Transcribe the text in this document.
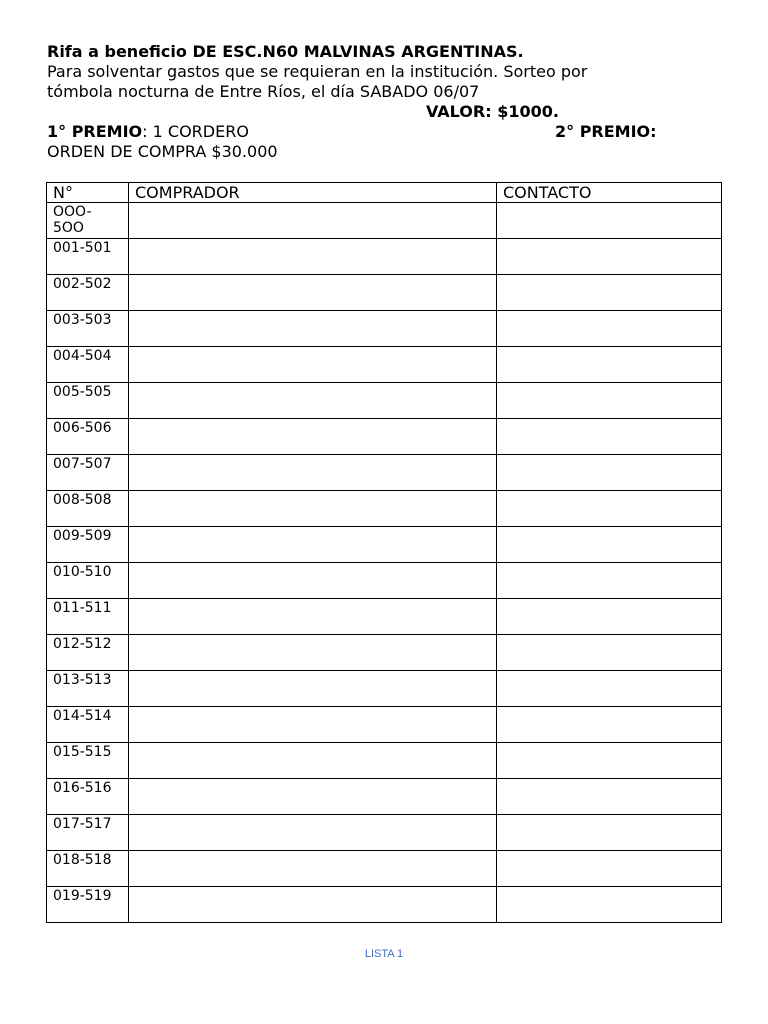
Rifa a beneficio DE ESC.N60 MALVINAS ARGENTINAS.
Para solventar gastos que se requieran en la institución. Sorteo por
tómbola nocturna de Entre Ríos, el día SABADO 06/07
VALOR: $1000.
1° PREMIO: 1 CORDERO	2° PREMIO:
ORDEN DE COMPRA $30.000
N°	COMPRADOR	CONTACTO
OOO-
5OO		
001-501		
002-502		
003-503		
004-504		
005-505		
006-506		
007-507		
008-508		
009-509		
010-510		
011-511		
012-512		
013-513		
014-514		
015-515		
016-516		
017-517		
018-518		
019-519		
LISTA 1
